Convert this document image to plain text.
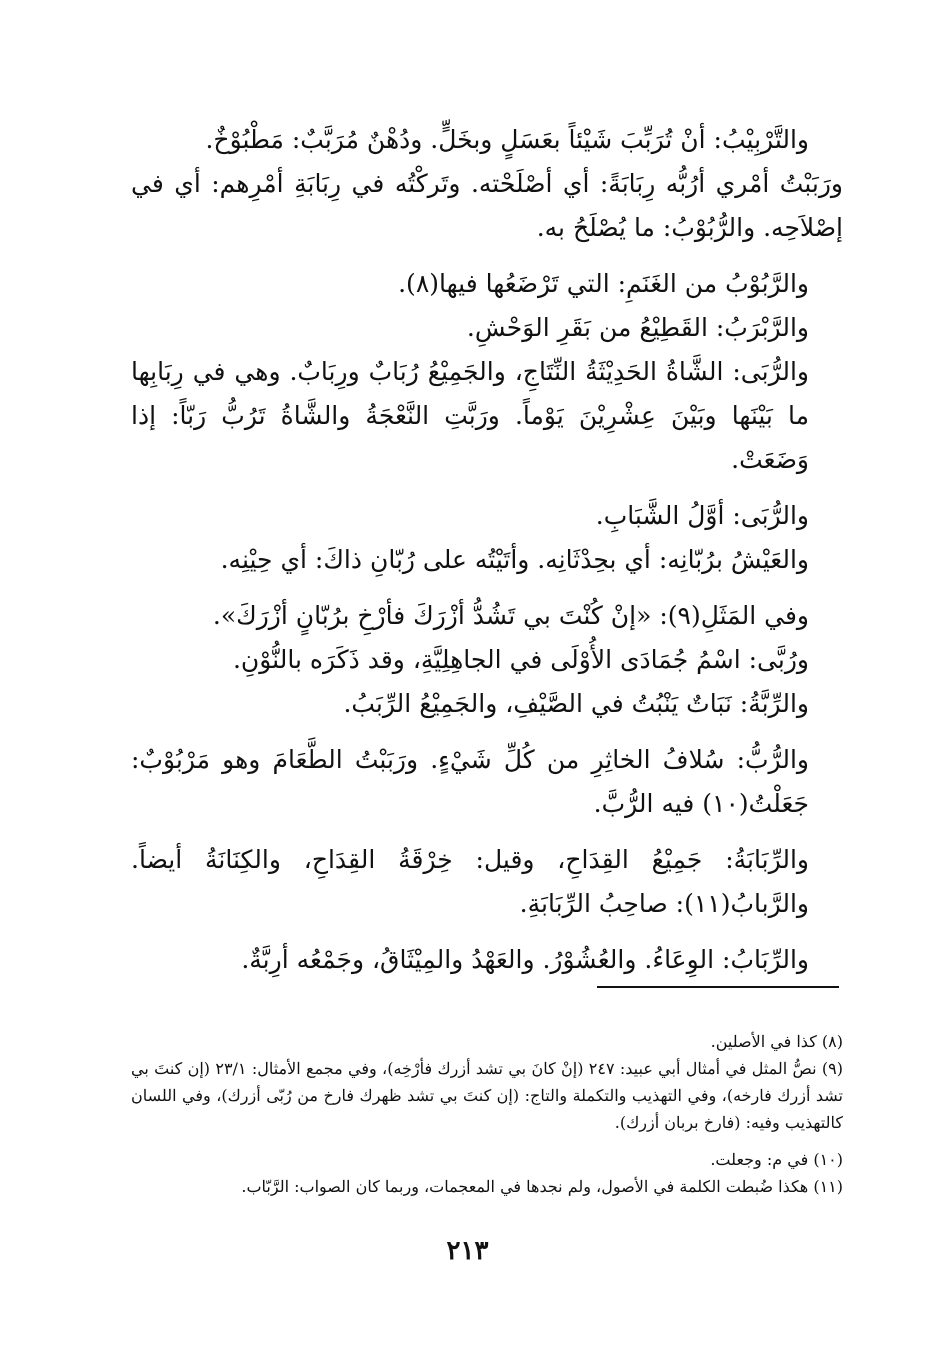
والتَّرْبِيْبُ: أنْ تُرَبِّبَ شَيْئاً بعَسَلٍ وبخَلٍّ. ودُهْنٌ مُرَبَّبٌ: مَطْبُوْخٌ.

ورَبَبْتُ أمْري أرُبُّه رِبَابَةً: أي أصْلَحْته. وتَركْتُه في رِبَابَةِ أمْرِهم: أي في إصْلاَحِه. والرُّبُوْبُ: ما يُصْلَحُ به.

والرَّبُوْبُ من الغَنَمِ: التي تَرْضَعُها فيها(٨).

والرَّبْرَبُ: القَطِيْعُ من بَقَرِ الوَحْشِ.

والرُّبَى: الشَّاةُ الحَدِيْثَةُ النِّتَاجِ، والجَمِيْعُ رُبَابٌ ورِبَابٌ. وهي في رِبَابِها ما بَيْنَها وبَيْنَ عِشْرِيْنَ يَوْماً. ورَبَّتِ النَّعْجَةُ والشَّاةُ تَرُبُّ رَبّاً: إذا وَضَعَتْ.

والرُّبَى: أوَّلُ الشَّبَابِ.

والعَيْشُ برُبّانِه: أي بحِدْثَانِه. وأتَيْتُه على رُبّانِ ذاكَ: أي حِيْنِه.

وفي المَثَلِ(٩): «إنْ كُنْتَ بي تَشُدُّ أزْرَكَ فأرْخِ برُبّانٍ أزْرَكَ».

ورُبَّى: اسْمُ جُمَادَى الأُوْلَى في الجاهِلِيَّةِ، وقد ذَكَرَه بالنُّوْنِ.

والرِّبَّةُ: نَبَاتٌ يَنْبُتُ في الصَّيْفِ، والجَمِيْعُ الرِّبَبُ.

والرُّبُّ: سُلافُ الخاثِرِ من كُلِّ شَيْءٍ. ورَبَبْتُ الطَّعَامَ وهو مَرْبُوْبٌ: جَعَلْتُ(١٠) فيه الرُّبَّ.

والرِّبَابَةُ: جَمِيْعُ القِدَاحِ، وقيل: خِرْقَةُ القِدَاحِ، والكِنَانَةُ أيضاً. والرَّبابُ(١١): صاحِبُ الرِّبَابَةِ.

والرِّبَابُ: الوِعَاءُ. والعُشُوْرُ. والعَهْدُ والمِيْثَاقُ، وجَمْعُه أرِبَّةٌ.

(٨) كذا في الأصلين.

(٩) نصُّ المثل في أمثال أبي عبيد: ٢٤٧ (إنْ كانَ بي تشد أزرك فأرْخِه)، وفي مجمع الأمثال: ٢٣/١ (إن كنتَ بي تشد أزرك فارخه)، وفي التهذيب والتكملة والتاج: (إن كنتَ بي تشد ظهرك فارخ من رُبّى أزرك)، وفي اللسان كالتهذيب وفيه: (فارخ بربان أزرك).

(١٠) في م: وجعلت.

(١١) هكذا ضُبطت الكلمة في الأصول، ولم نجدها في المعجمات، وربما كان الصواب: الرَّبّاب.

٢١٣
